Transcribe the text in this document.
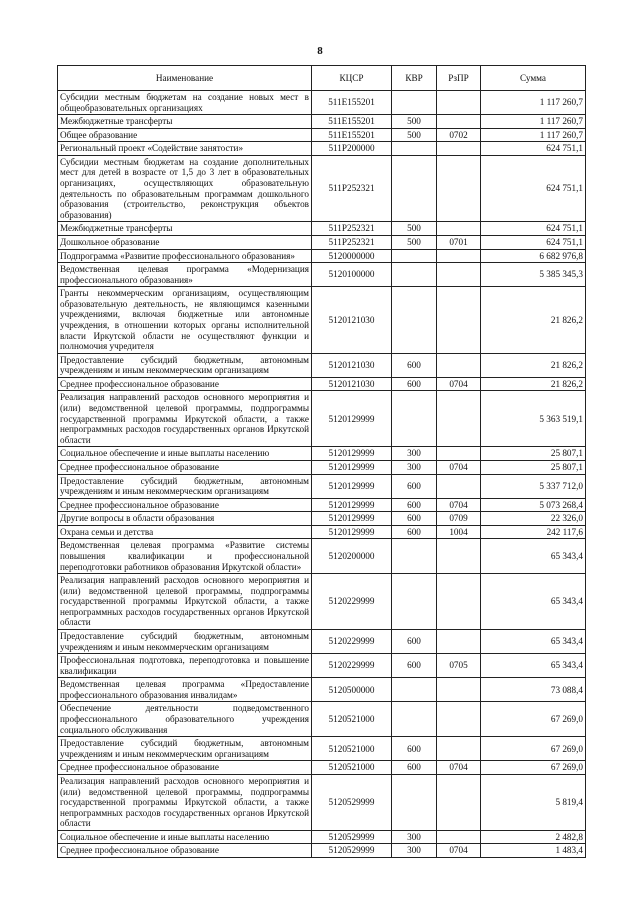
8
Наименование	КЦСР	КВР	РзПР	Сумма
Субсидии местным бюджетам на создание новых мест в общеобразовательных организациях	511E155201			1 117 260,7
Межбюджетные трансферты	511E155201	500		1 117 260,7
Общее образование	511E155201	500	0702	1 117 260,7
Региональный проект «Содействие занятости»	511P200000			624 751,1
Субсидии местным бюджетам на создание дополнительных мест для детей в возрасте от 1,5 до 3 лет в образовательных организациях, осуществляющих образовательную деятельность по образовательным программам дошкольного образования (строительство, реконструкция объектов образования)	511P252321			624 751,1
Межбюджетные трансферты	511P252321	500		624 751,1
Дошкольное образование	511P252321	500	0701	624 751,1
Подпрограмма «Развитие профессионального образования»	5120000000			6 682 976,8
Ведомственная целевая программа «Модернизация профессионального образования»	5120100000			5 385 345,3
Гранты некоммерческим организациям, осуществляющим образовательную деятельность, не являющимся казенными учреждениями, включая бюджетные или автономные учреждения, в отношении которых органы исполнительной власти Иркутской области не осуществляют функции и полномочия учредителя	5120121030			21 826,2
Предоставление субсидий бюджетным, автономным учреждениям и иным некоммерческим организациям	5120121030	600		21 826,2
Среднее профессиональное образование	5120121030	600	0704	21 826,2
Реализация направлений расходов основного мероприятия и (или) ведомственной целевой программы, подпрограммы государственной программы Иркутской области, а также непрограммных расходов государственных органов Иркутской области	5120129999			5 363 519,1
Социальное обеспечение и иные выплаты населению	5120129999	300		25 807,1
Среднее профессиональное образование	5120129999	300	0704	25 807,1
Предоставление субсидий бюджетным, автономным учреждениям и иным некоммерческим организациям	5120129999	600		5 337 712,0
Среднее профессиональное образование	5120129999	600	0704	5 073 268,4
Другие вопросы в области образования	5120129999	600	0709	22 326,0
Охрана семьи и детства	5120129999	600	1004	242 117,6
Ведомственная целевая программа «Развитие системы повышения квалификации и профессиональной переподготовки работников образования Иркутской области»	5120200000			65 343,4
Реализация направлений расходов основного мероприятия и (или) ведомственной целевой программы, подпрограммы государственной программы Иркутской области, а также непрограммных расходов государственных органов Иркутской области	5120229999			65 343,4
Предоставление субсидий бюджетным, автономным учреждениям и иным некоммерческим организациям	5120229999	600		65 343,4
Профессиональная подготовка, переподготовка и повышение квалификации	5120229999	600	0705	65 343,4
Ведомственная целевая программа «Предоставление профессионального образования инвалидам»	5120500000			73 088,4
Обеспечение деятельности подведомственного профессионального образовательного учреждения социального обслуживания	5120521000			67 269,0
Предоставление субсидий бюджетным, автономным учреждениям и иным некоммерческим организациям	5120521000	600		67 269,0
Среднее профессиональное образование	5120521000	600	0704	67 269,0
Реализация направлений расходов основного мероприятия и (или) ведомственной целевой программы, подпрограммы государственной программы Иркутской области, а также непрограммных расходов государственных органов Иркутской области	5120529999			5 819,4
Социальное обеспечение и иные выплаты населению	5120529999	300		2 482,8
Среднее профессиональное образование	5120529999	300	0704	1 483,4
